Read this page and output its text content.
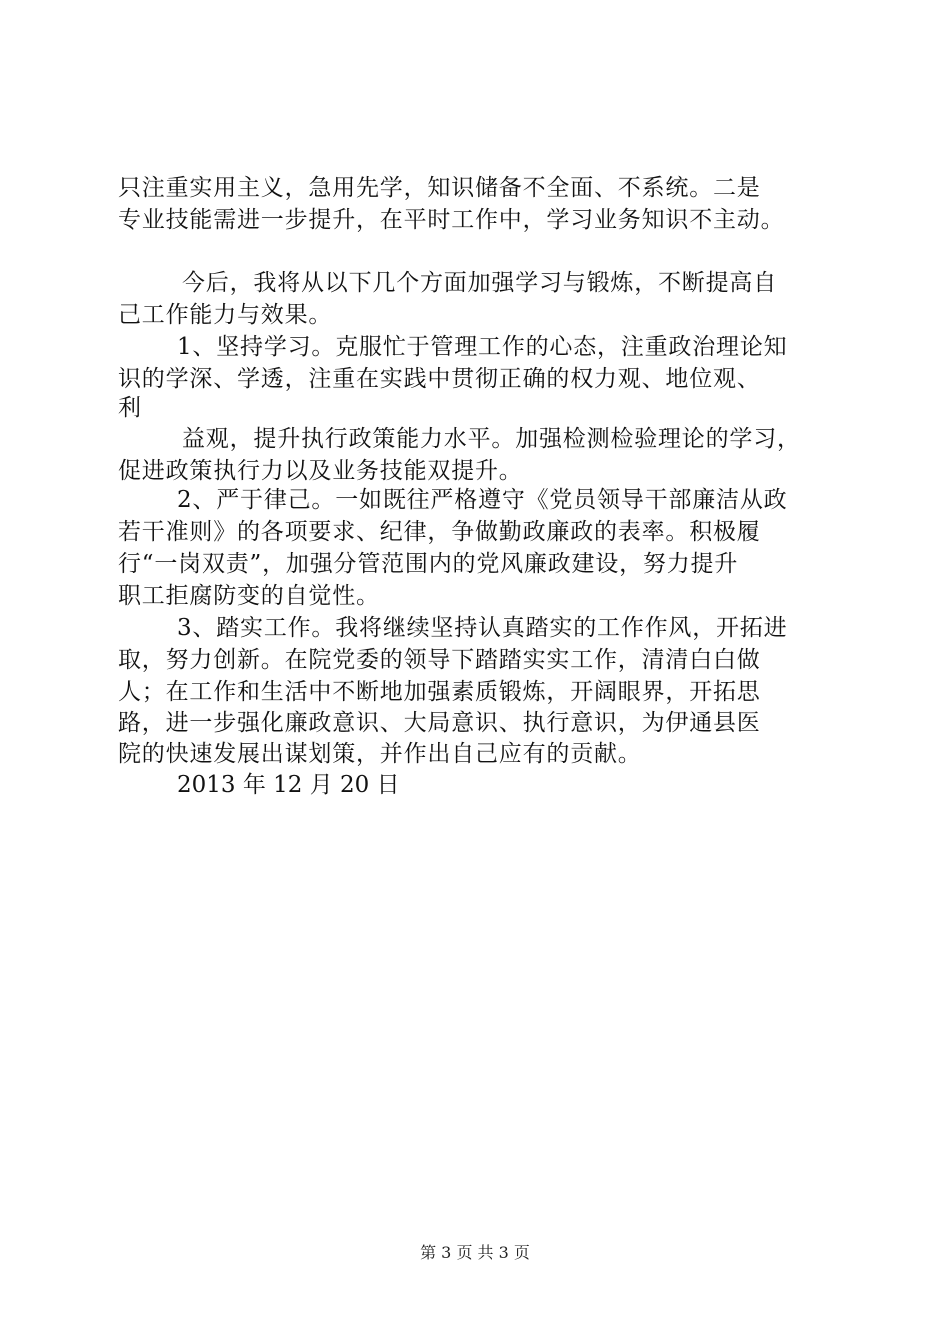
只注重实用主义，急用先学，知识储备不全面、不系统。二是
专业技能需进一步提升，在平时工作中，学习业务知识不主动。
今后，我将从以下几个方面加强学习与锻炼，不断提高自
己工作能力与效果。
1、坚持学习。克服忙于管理工作的心态，注重政治理论知
识的学深、学透，注重在实践中贯彻正确的权力观、地位观、
利
益观，提升执行政策能力水平。加强检测检验理论的学习，
促进政策执行力以及业务技能双提升。
2、严于律己。一如既往严格遵守《党员领导干部廉洁从政
若干准则》的各项要求、纪律，争做勤政廉政的表率。积极履
行“一岗双责”，加强分管范围内的党风廉政建设，努力提升
职工拒腐防变的自觉性。
3、踏实工作。我将继续坚持认真踏实的工作作风，开拓进
取，努力创新。在院党委的领导下踏踏实实工作，清清白白做
人；在工作和生活中不断地加强素质锻炼，开阔眼界，开拓思
路，进一步强化廉政意识、大局意识、执行意识，为伊通县医
院的快速发展出谋划策，并作出自己应有的贡献。
2013 年 12 月 20 日
第 3 页 共 3 页
